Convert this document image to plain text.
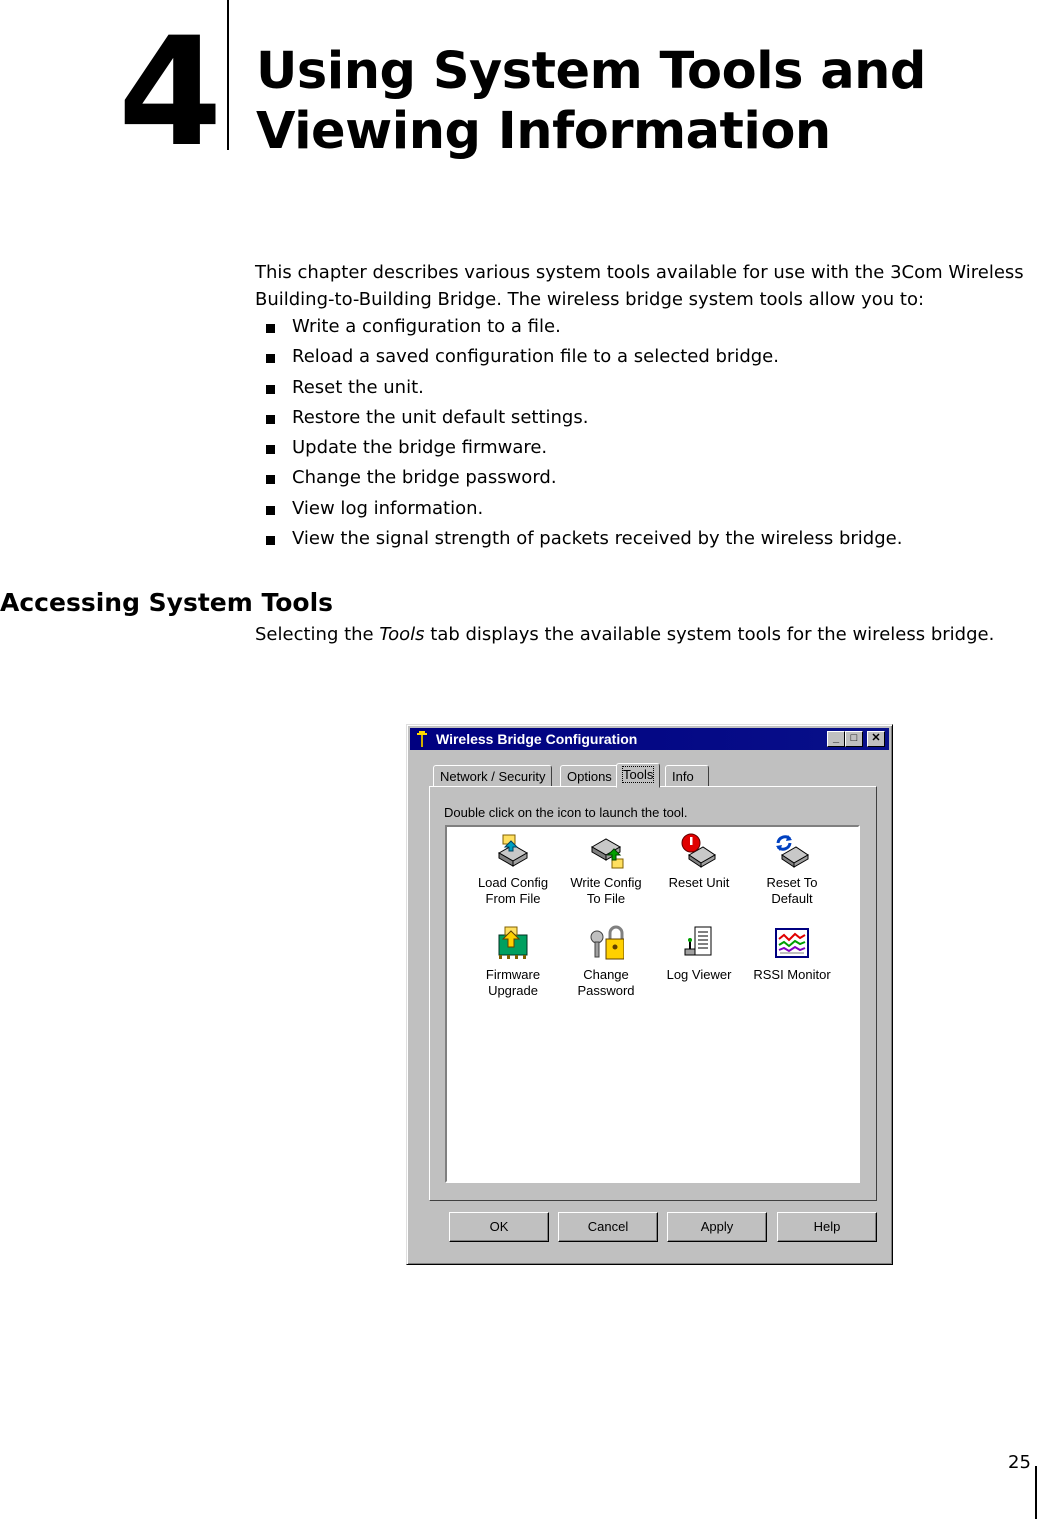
4 Using System Tools and
Viewing Information
This chapter describes various system tools available for use with the 3Com Wireless Building-to-Building Bridge. The wireless bridge system tools allow you to:
Write a configuration to a file.
Reload a saved configuration file to a selected bridge.
Reset the unit.
Restore the unit default settings.
Update the bridge firmware.
Change the bridge password.
View log information.
View the signal strength of packets received by the wireless bridge.
Accessing System Tools
Selecting the Tools tab displays the available system tools for the wireless bridge.
Wireless Bridge Configuration	_	□	✕
Network / Security	Options Tools	Info
Double click on the icon to launch the tool.
Load Config
From File
Write Config
To File
Reset Unit	Reset To
Default
Firmware
Upgrade
Change
Password
Log Viewer	RSSI Monitor
OK	Cancel	Apply	Help
25
